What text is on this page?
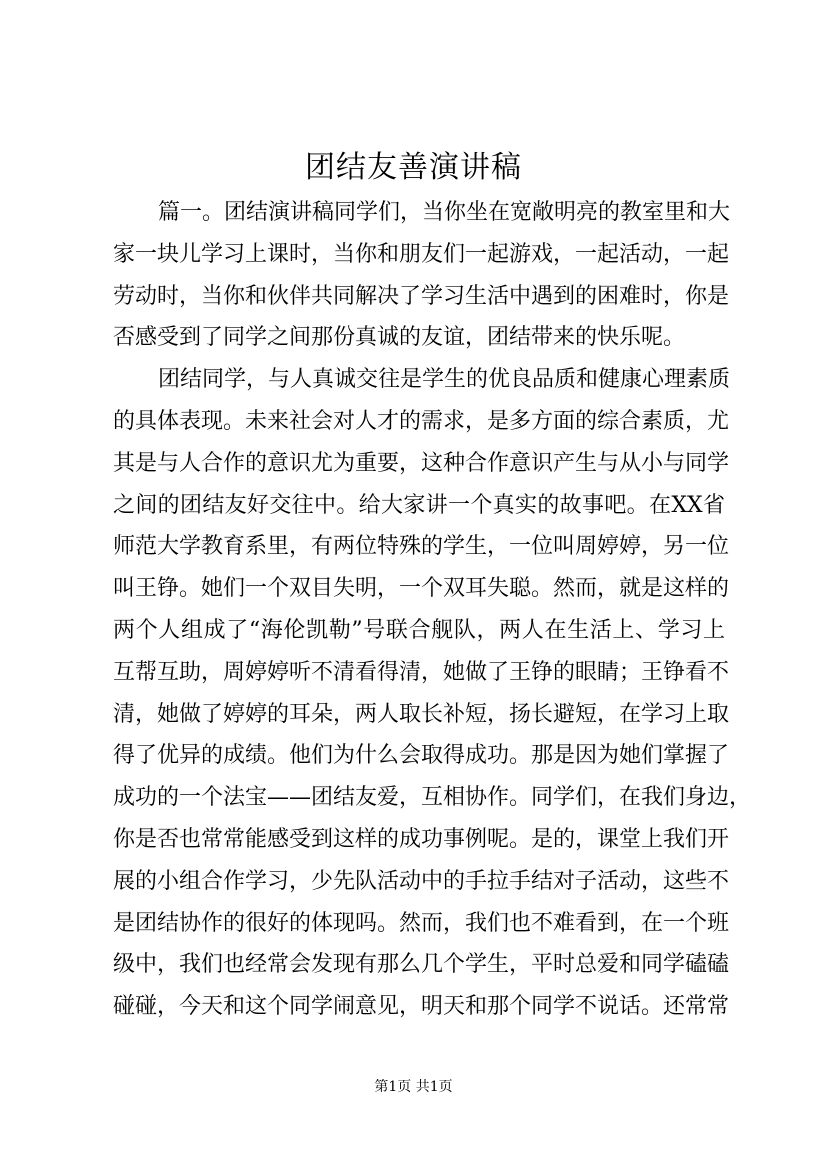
团结友善演讲稿
篇一。团结演讲稿同学们，当你坐在宽敞明亮的教室里和大
家一块儿学习上课时，当你和朋友们一起游戏，一起活动，一起
劳动时，当你和伙伴共同解决了学习生活中遇到的困难时，你是
否感受到了同学之间那份真诚的友谊，团结带来的快乐呢。
团结同学，与人真诚交往是学生的优良品质和健康心理素质
的具体表现。未来社会对人才的需求，是多方面的综合素质，尤
其是与人合作的意识尤为重要，这种合作意识产生与从小与同学
之间的团结友好交往中。给大家讲一个真实的故事吧。在XX省
师范大学教育系里，有两位特殊的学生，一位叫周婷婷，另一位
叫王铮。她们一个双目失明，一个双耳失聪。然而，就是这样的
两个人组成了“海伦凯勒”号联合舰队，两人在生活上、学习上
互帮互助，周婷婷听不清看得清，她做了王铮的眼睛；王铮看不
清，她做了婷婷的耳朵，两人取长补短，扬长避短，在学习上取
得了优异的成绩。他们为什么会取得成功。那是因为她们掌握了
成功的一个法宝——团结友爱，互相协作。同学们，在我们身边，
你是否也常常能感受到这样的成功事例呢。是的，课堂上我们开
展的小组合作学习，少先队活动中的手拉手结对子活动，这些不
是团结协作的很好的体现吗。然而，我们也不难看到，在一个班
级中，我们也经常会发现有那么几个学生，平时总爱和同学磕磕
碰碰，今天和这个同学闹意见，明天和那个同学不说话。还常常
第1页 共1页
